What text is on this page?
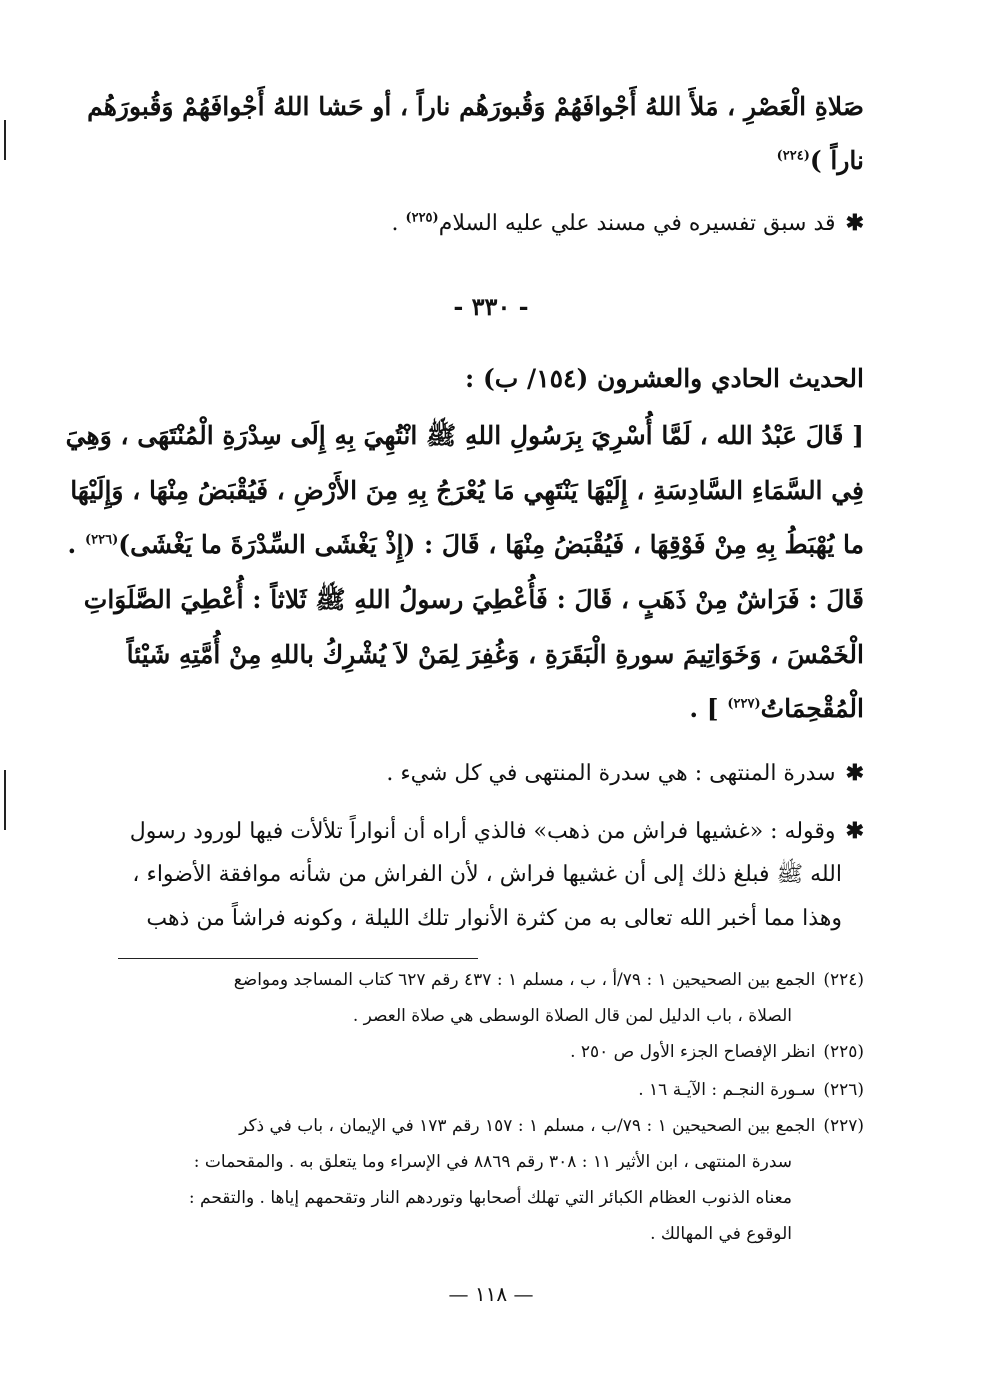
صَلاةِ الْعَصْرِ ، مَلأَ اللهُ أَجْوافَهُمْ وَقُبورَهُم ناراً ، أو حَشا اللهُ أَجْوافَهُمْ وَقُبورَهُم
ناراً )$^{(٢٢٤)}$
✱قد سبق تفسيره في مسند علي عليه السلام$^{(٢٢٥)}$ .
- ٣٣٠ -
الحديث الحادي والعشرون (١٥٤/ ب) :
[ قَالَ عَبْدُ الله ، لَمَّا أُسْرِيَ بِرَسُولِ اللهِ ﷺ انْتُهِيَ بِهِ إِلَى سِدْرَةِ الْمُنْتَهَى ، وَهِيَ
فِي السَّمَاءِ السَّادِسَةِ ، إِلَيْهَا يَنْتَهِي مَا يُعْرَجُ بِهِ مِنَ الأَرْضِ ، فَيُقْبَضُ مِنْهَا ، وَإِلَيْهَا
ما يُهْبَطُ بِهِ مِنْ فَوْقِهَا ، فَيُقْبَضُ مِنْهَا ، قَالَ : (إِذْ يَغْشَى السِّدْرَةَ ما يَغْشَى)$^{(٢٢٦)}$ .
قَالَ : فَرَاشٌ مِنْ ذَهَبٍ ، قَالَ : فَأُعْطِيَ رسولُ اللهِ ﷺ ثَلاثاً : أُعْطِيَ الصَّلَوَاتِ
الْخَمْسَ ، وَخَوَاتِيمَ سورةِ الْبَقَرَةِ ، وَغُفِرَ لِمَنْ لاَ يُشْرِكُ باللهِ مِنْ أُمَّتِهِ شَيْئاً
الْمُقْحِمَاتُ$^{(٢٢٧)}$ ] .
✱سدرة المنتهى : هي سدرة المنتهى في كل شيء .
✱وقوله : «غشيها فراش من ذهب» فالذي أراه أن أنواراً تلألأت فيها لورود رسول
الله ﷺ فبلغ ذلك إلى أن غشيها فراش ، لأن الفراش من شأنه موافقة الأضواء ،
وهذا مما أخبر الله تعالى به من كثرة الأنوار تلك الليلة ، وكونه فراشاً من ذهب
(٢٢٤)الجمع بين الصحيحين ١ : ٧٩/أ ، ب ، مسلم ١ : ٤٣٧ رقم ٦٢٧ كتاب المساجد ومواضع
الصلاة ، باب الدليل لمن قال الصلاة الوسطى هي صلاة العصر .
(٢٢٥)انظر الإفصاح الجزء الأول ص ٢٥٠ .
(٢٢٦)سـورة النجـم : الآيـة ١٦ .
(٢٢٧)الجمع بين الصحيحين ١ : ٧٩/ب ، مسلم ١ : ١٥٧ رقم ١٧٣ في الإيمان ، باب في ذكر
سدرة المنتهى ، ابن الأثير ١١ : ٣٠٨ رقم ٨٨٦٩ في الإسراء وما يتعلق به . والمقحمات :
معناه الذنوب العظام الكبائر التي تهلك أصحابها وتوردهم النار وتقحمهم إياها . والتقحم :
الوقوع في المهالك .
— ١١٨ —
